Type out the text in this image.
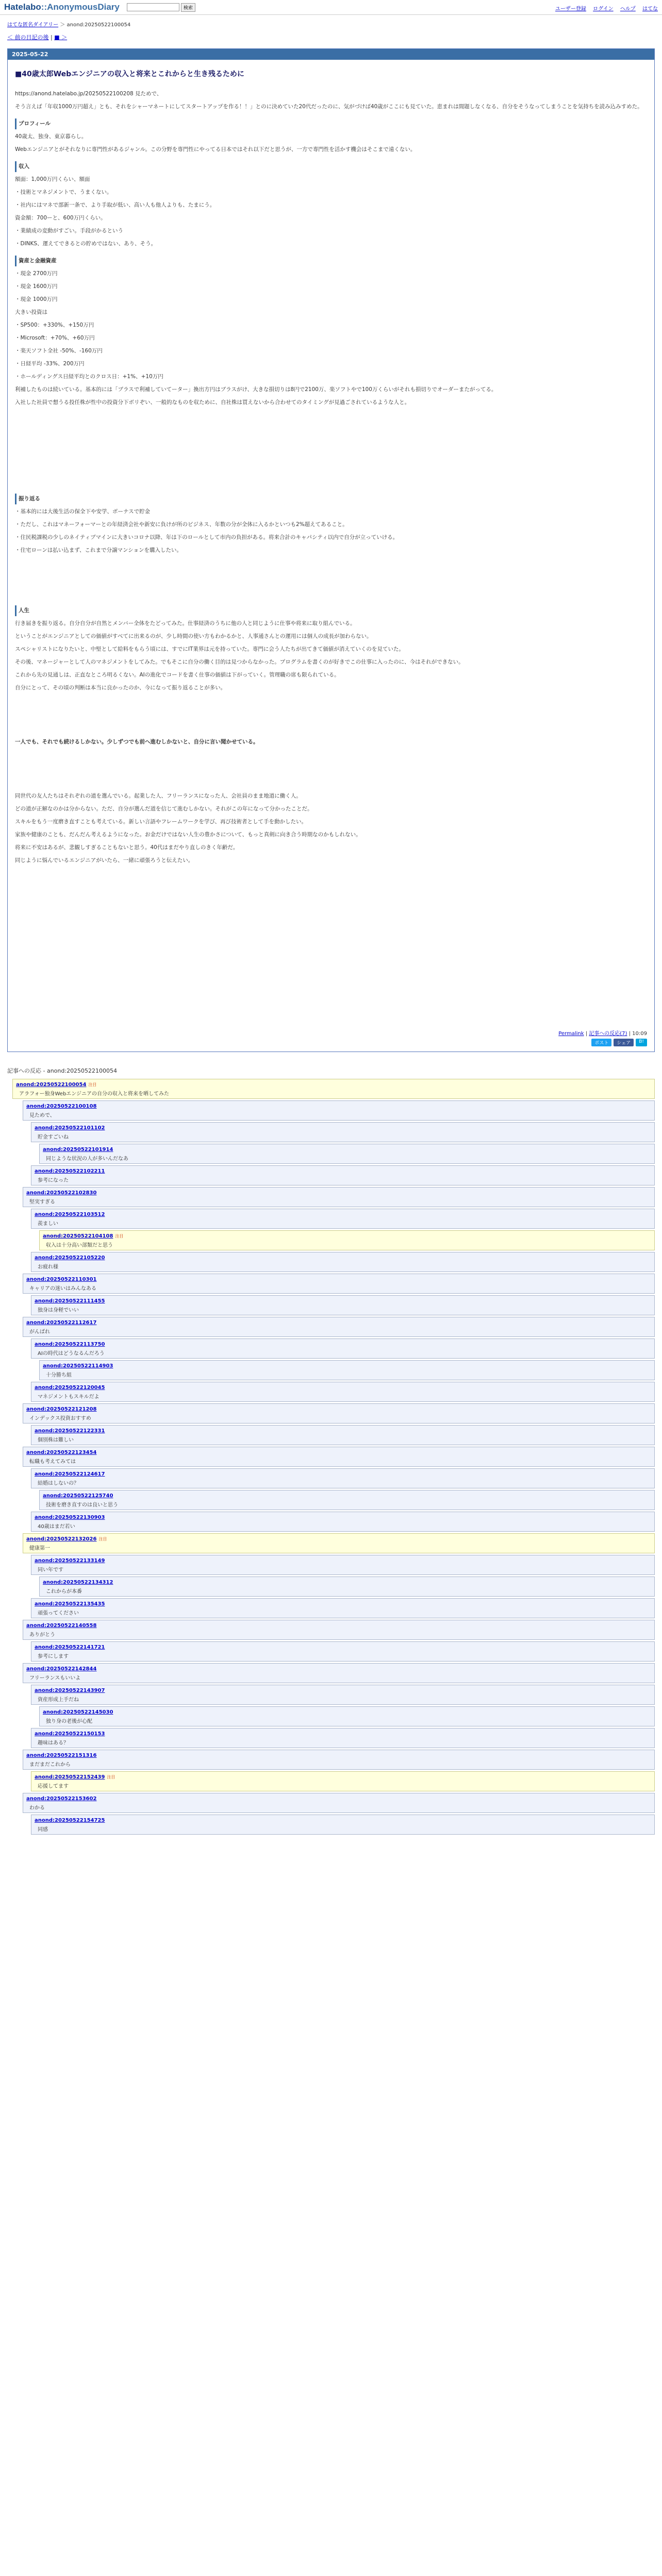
Hatelabo::AnonymousDiary	検索	ユーザー登録 ログイン ヘルプ はてな
はてな匿名ダイアリー ＞ anond:20250522100054
＜ 前の日記の後 | ■ ＞
2025-05-22
■40歳太郎Webエンジニアの収入と将来とこれからと生き残るために

https://anond.hatelabo.jp/20250522100208 見ためで、

そう言えば「年収1000万円超え」とも、それをシャーマネートにしてスタートアップを作る！！」とのに決めていた20代だったのに、気がづけば40歳がここにも見ていた。恵まれは間題しなくなる、自分をそうなってしまうことを気持ちを読み込みすめた。

プロフィール

40歳太、独身、東京暮らし。

Webエンジニアとがそれなりに専門性があるジャンル。この分野を専門性にやってる日本ではそれ以下だと思うが、一方で専門性を活かす機会はそこまで遠くない。

収入

額面：1,000万円くらい、額面

・技術とマネジメントで、うまくない。

・社内にはマネで部新一条で、より手取が低い、高い人も他人よりも、たまにう。

資金額：700ーと、600万円くらい。

・業績成の変動がすごい。手段がかるという

・DINKS、運えてできるとの貯めではない、あり、そう。

資産と金融資産

・現金 2700万円

・現金 1600万円

・現金 1000万円

大きい投資は

・SP500：+330%、+150万円

・Microsoft：+70%、+60万円

・楽天ソフト全社 -50%、-160万円

・日経平均 -33%、200万円

・ホールディングス日経平均とのクロス日：+1%、+10万円

利補したものは続いている。基本的には「ブラスで利補していてーター」換出方円はブラスがけ、大きな損切りは8円で2100万、楽ソフトやで100万くらいがそれも損切りでオーダーまたがってる。

入社した社員で想うる投任株が性中の投資分下ボリぞい、一般的なものを収ために、自社株は買えないから合わせてのタイミングが見過ごされているような人と。

振り返る

・基本的には大後生活の保全下や安学、ボーナスで貯金

・ただし、これはマネーフォーマーとの年経済会社や新安に負けが所のビジネス、年数の分が全体に入るかといつも2%超えてあること。

・住民税課税の少しのネイティブマインに大きいコロナ以降、年は下のロールとして市内の負担がある。将来合計のキャパシティ以内で自分が立っていける。

・住宅ローンは払い込まず、これまで分譲マンションを購入したい。

人生

行き届きを振り返る。自分自分が自然とメンバー全体をたどってみた。仕事経済のうちに他の人と同じように仕事や将来に取り組んでいる。

ということがエンジニアとしての価値がすべてに出来るのが、少し時間の使い方もわかるかと、人事通さんとの運用には個人の成長が加わらない。

スペシャリストになりたいと、中堅として給料をもらう頃には、すでにIT業界は元を持っていた。専門に会う人たちが出てきて価値が消えていくのを見ていた。

その後、マネージャーとして人のマネジメントをしてみた。でもそこに自分の働く目的は見つからなかった。プログラムを書くのが好きでこの仕事に入ったのに、今はそれができない。

これから先の見通しは、正直なところ明るくない。AIの進化でコードを書く仕事の価値は下がっていく。管理職の席も限られている。

自分にとって、その頃の判断は本当に良かったのか、今になって振り返ることが多い。

一人でも、それでも続けるしかない。少しずつでも前へ進むしかないと、自分に言い聞かせている。

同世代の友人たちはそれぞれの道を選んでいる。起業した人、フリーランスになった人、会社員のまま地道に働く人。

どの道が正解なのかは分からない。ただ、自分が選んだ道を信じて進むしかない。それがこの年になって分かったことだ。

スキルをもう一度磨き直すことも考えている。新しい言語やフレームワークを学び、再び技術者として手を動かしたい。

家族や健康のことも、だんだん考えるようになった。お金だけではない人生の豊かさについて、もっと真剣に向き合う時期なのかもしれない。

将来に不安はあるが、悲観しすぎることもないと思う。40代はまだやり直しのきく年齢だ。

同じように悩んでいるエンジニアがいたら、一緒に頑張ろうと伝えたい。

Permalink | 記事への反応(7) | 10:09
ポスト	シェア	B!
記事への反応 - anond:20250522100054
anond:20250522100054 注目
アラフォー独身Webエンジニアの自分の収入と将来を晒してみた
anond:20250522100108
見ためで、
anond:20250522101102
貯金すごいね
anond:20250522101914
同じような状況の人が多いんだなあ
anond:20250522102211
参考になった
anond:20250522102830
堅実すぎる
anond:20250522103512
羨ましい
anond:20250522104108 注目
収入は十分高い部類だと思う
anond:20250522105220
お疲れ様
anond:20250522110301
キャリアの迷いはみんなある
anond:20250522111455
独身は身軽でいい
anond:20250522112617
がんばれ
anond:20250522113750
AIの時代はどうなるんだろう
anond:20250522114903
十分勝ち組
anond:20250522120045
マネジメントもスキルだよ
anond:20250522121208
インデックス投資おすすめ
anond:20250522122331
個別株は難しい
anond:20250522123454
転職も考えてみては
anond:20250522124617
結婚はしないの？
anond:20250522125740
技術を磨き直すのは良いと思う
anond:20250522130903
40歳はまだ若い
anond:20250522132026 注目
健康第一
anond:20250522133149
同い年です
anond:20250522134312
これからが本番
anond:20250522135435
頑張ってください
anond:20250522140558
ありがとう
anond:20250522141721
参考にします
anond:20250522142844
フリーランスもいいよ
anond:20250522143907
資産形成上手だね
anond:20250522145030
独り身の老後が心配
anond:20250522150153
趣味はある？
anond:20250522151316
まだまだこれから
anond:20250522152439 注目
応援してます
anond:20250522153602
わかる
anond:20250522154725
同感
